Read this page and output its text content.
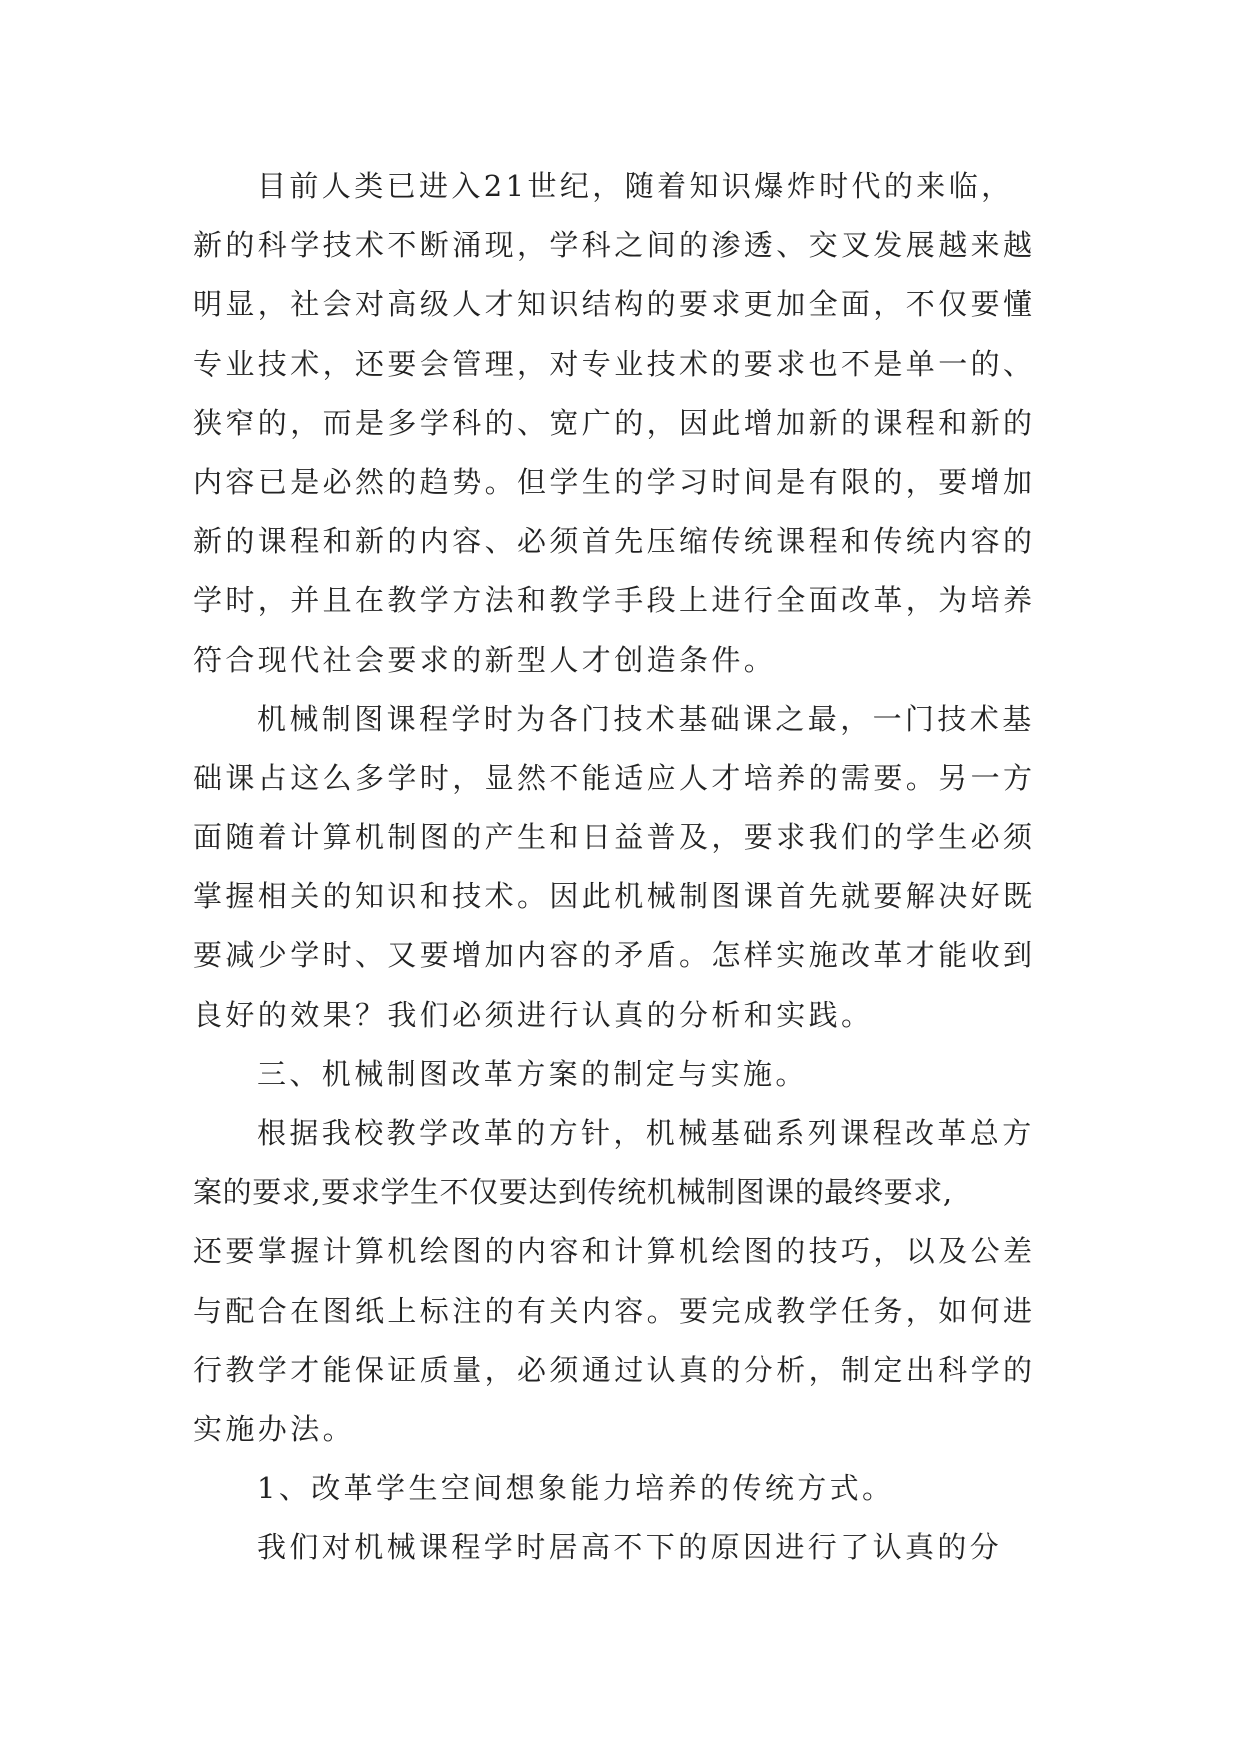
目前人类已进入21世纪，随着知识爆炸时代的来临，
新的科学技术不断涌现，学科之间的渗透、交叉发展越来越
明显，社会对高级人才知识结构的要求更加全面，不仅要懂
专业技术，还要会管理，对专业技术的要求也不是单一的、
狭窄的，而是多学科的、宽广的，因此增加新的课程和新的
内容已是必然的趋势。但学生的学习时间是有限的，要增加
新的课程和新的内容、必须首先压缩传统课程和传统内容的
学时，并且在教学方法和教学手段上进行全面改革，为培养
符合现代社会要求的新型人才创造条件。
机械制图课程学时为各门技术基础课之最，一门技术基
础课占这么多学时，显然不能适应人才培养的需要。另一方
面随着计算机制图的产生和日益普及，要求我们的学生必须
掌握相关的知识和技术。因此机械制图课首先就要解决好既
要减少学时、又要增加内容的矛盾。怎样实施改革才能收到
良好的效果？我们必须进行认真的分析和实践。
三、机械制图改革方案的制定与实施。
根据我校教学改革的方针，机械基础系列课程改革总方
案的要求,要求学生不仅要达到传统机械制图课的最终要求,
还要掌握计算机绘图的内容和计算机绘图的技巧，以及公差
与配合在图纸上标注的有关内容。要完成教学任务，如何进
行教学才能保证质量，必须通过认真的分析，制定出科学的
实施办法。
1、改革学生空间想象能力培养的传统方式。
我们对机械课程学时居高不下的原因进行了认真的分
